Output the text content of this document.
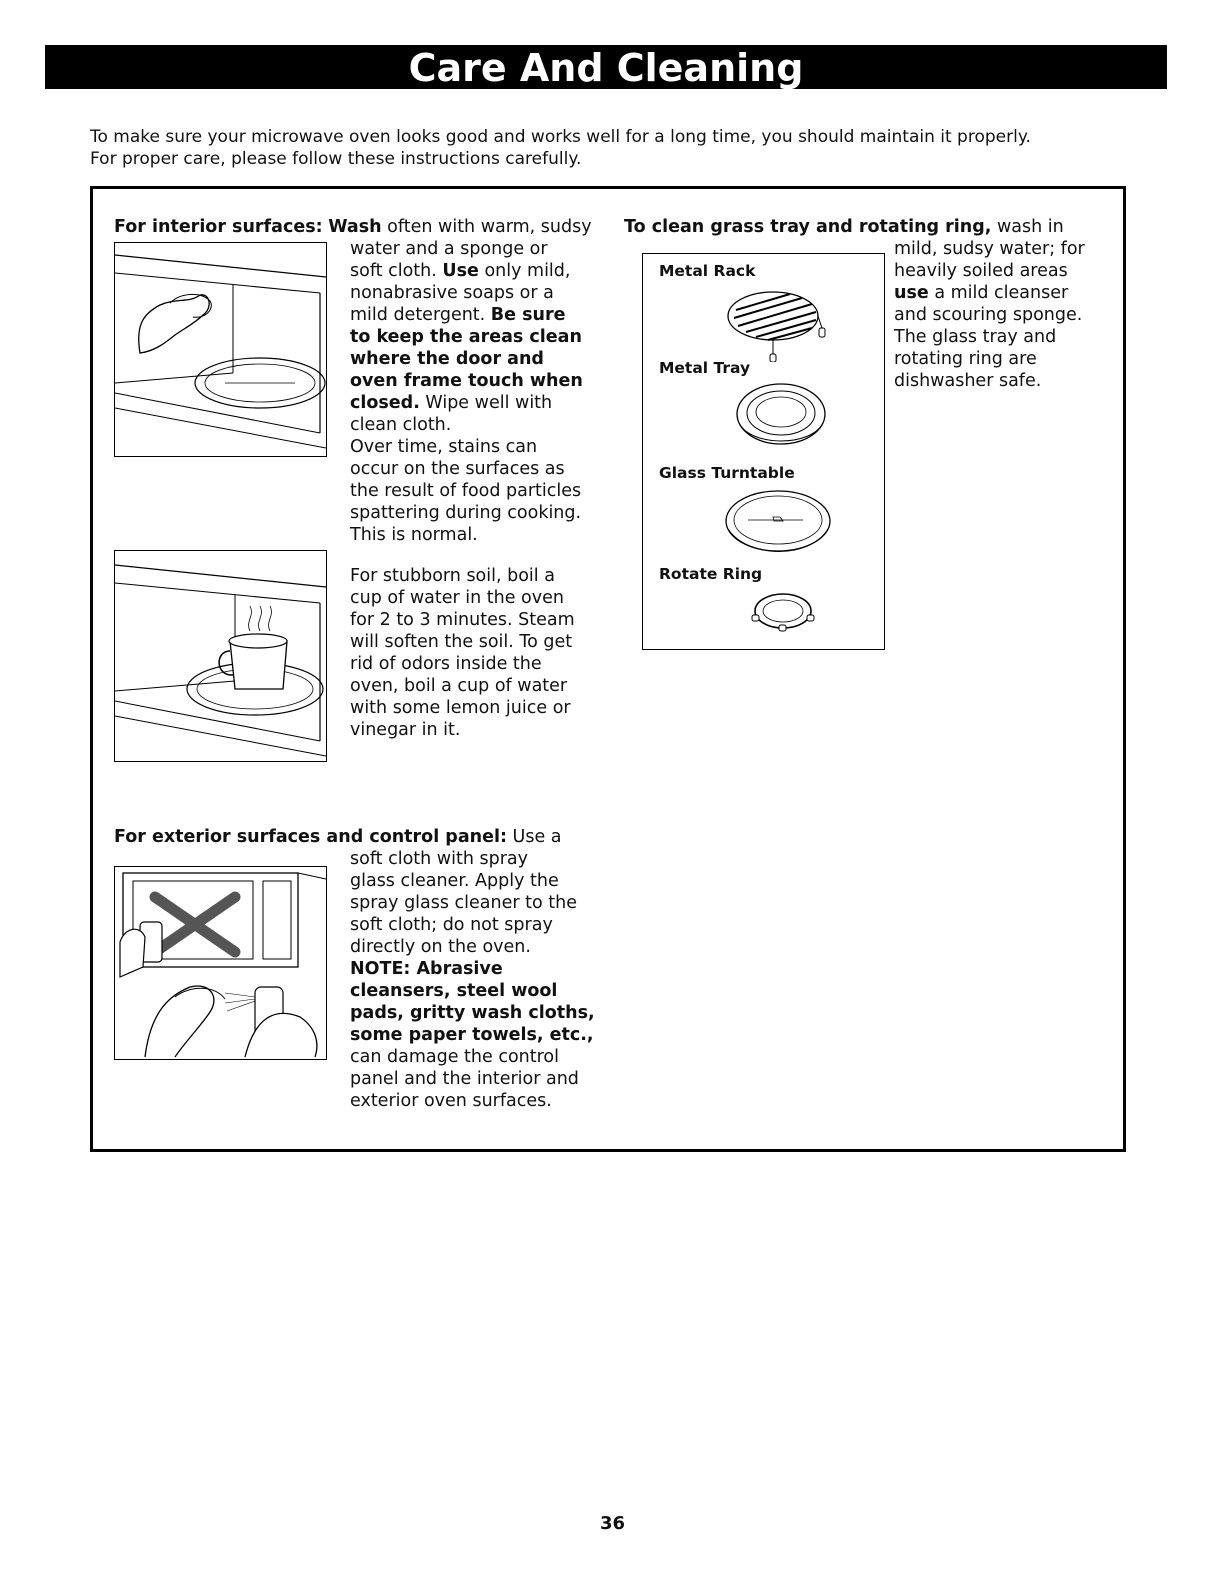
Care And Cleaning

To make sure your microwave oven looks good and works well for a long time, you should maintain it properly.
For proper care, please follow these instructions carefully.

For interior surfaces: Wash often with warm, sudsy

water and a sponge or
soft cloth. Use only mild,
nonabrasive soaps or a
mild detergent. Be sure
to keep the areas clean
where the door and
oven frame touch when
closed. Wipe well with
clean cloth.
Over time, stains can
occur on the surfaces as
the result of food particles
spattering during cooking.
This is normal.
For stubborn soil, boil a
cup of water in the oven
for 2 to 3 minutes. Steam
will soften the soil. To get
rid of odors inside the
oven, boil a cup of water
with some lemon juice or
vinegar in it.

For exterior surfaces and control panel: Use a

soft cloth with spray
glass cleaner. Apply the
spray glass cleaner to the
soft cloth; do not spray
directly on the oven.
NOTE: Abrasive
cleansers, steel wool
pads, gritty wash cloths,
some paper towels, etc.,
can damage the control
panel and the interior and
exterior oven surfaces.

To clean grass tray and rotating ring, wash in

mild, sudsy water; for
heavily soiled areas
use a mild cleanser
and scouring sponge.
The glass tray and
rotating ring are
dishwasher safe.

Metal Rack

Metal Tray

Glass Turntable

Rotate Ring

36
